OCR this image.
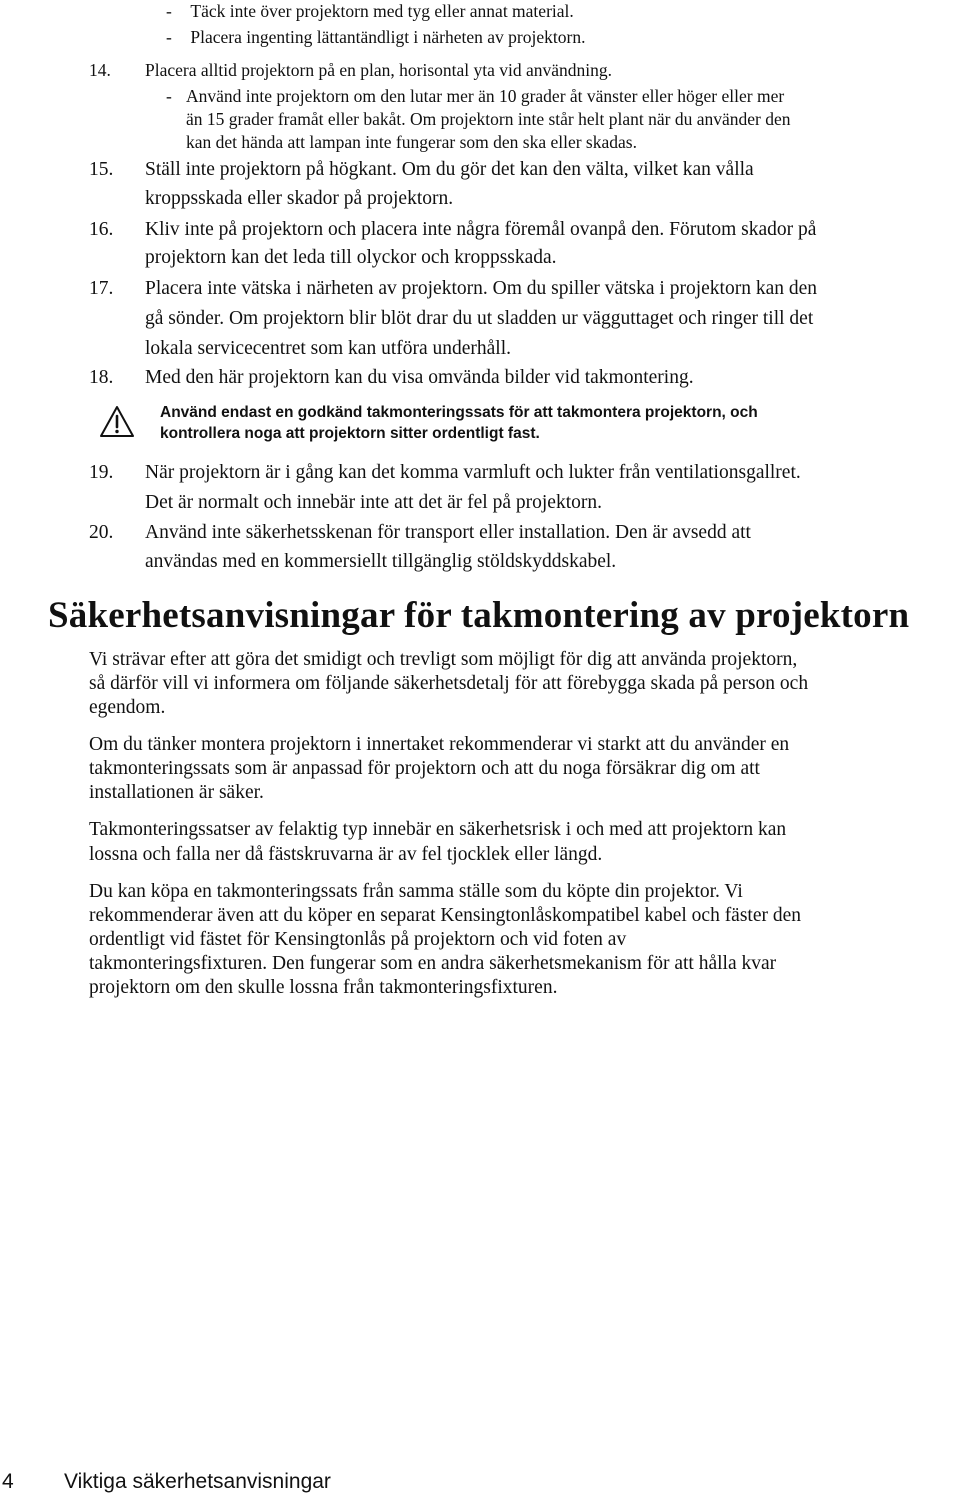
- Täck inte över projektorn med tyg eller annat material.
- Placera ingenting lättantändligt i närheten av projektorn.
14. Placera alltid projektorn på en plan, horisontal yta vid användning.
- Använd inte projektorn om den lutar mer än 10 grader åt vänster eller höger eller mer
än 15 grader framåt eller bakåt. Om projektorn inte står helt plant när du använder den
kan det hända att lampan inte fungerar som den ska eller skadas.
15. Ställ inte projektorn på högkant. Om du gör det kan den välta, vilket kan vålla
kroppsskada eller skador på projektorn.
16. Kliv inte på projektorn och placera inte några föremål ovanpå den. Förutom skador på
projektorn kan det leda till olyckor och kroppsskada.
17. Placera inte vätska i närheten av projektorn. Om du spiller vätska i projektorn kan den
gå sönder. Om projektorn blir blöt drar du ut sladden ur vägguttaget och ringer till det
lokala servicecentret som kan utföra underhåll.
18. Med den här projektorn kan du visa omvända bilder vid takmontering.
Använd endast en godkänd takmonteringssats för att takmontera projektorn, och
kontrollera noga att projektorn sitter ordentligt fast.
19. När projektorn är i gång kan det komma varmluft och lukter från ventilationsgallret.
Det är normalt och innebär inte att det är fel på projektorn.
20. Använd inte säkerhetsskenan för transport eller installation. Den är avsedd att
användas med en kommersiellt tillgänglig stöldskyddskabel.
Säkerhetsanvisningar för takmontering av projektorn
Vi strävar efter att göra det smidigt och trevligt som möjligt för dig att använda projektorn,
så därför vill vi informera om följande säkerhetsdetalj för att förebygga skada på person och
egendom.
Om du tänker montera projektorn i innertaket rekommenderar vi starkt att du använder en
takmonteringssats som är anpassad för projektorn och att du noga försäkrar dig om att
installationen är säker.
Takmonteringssatser av felaktig typ innebär en säkerhetsrisk i och med att projektorn kan
lossna och falla ner då fästskruvarna är av fel tjocklek eller längd.
Du kan köpa en takmonteringssats från samma ställe som du köpte din projektor. Vi
rekommenderar även att du köper en separat Kensingtonlåskompatibel kabel och fäster den
ordentligt vid fästet för Kensingtonlås på projektorn och vid foten av
takmonteringsfixturen. Den fungerar som en andra säkerhetsmekanism för att hålla kvar
projektorn om den skulle lossna från takmonteringsfixturen.
4 Viktiga säkerhetsanvisningar
